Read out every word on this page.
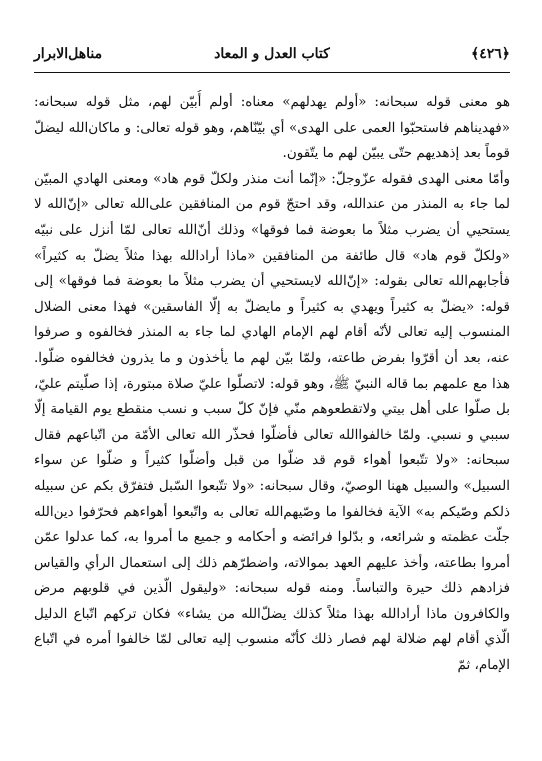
﴿٤٢٦﴾
كتاب العدل و المعاد
مناهل‌الابرار

هو معنى قوله سبحانه: «أولم يهدلهم» معناه: أولم أُبيّن لهم، مثل قوله سبحانه: «فهديناهم فاستحبّوا العمى على الهدى» أي بيّنّاهم، وهو قوله تعالى: و ماكان‌الله ليضلّ قوماً بعد إذهديهم حتّى يبيّن لهم ما يتّقون.

وأمّا معنى الهدى فقوله عزّوجلّ: «إنّما أنت منذر ولكلّ قوم هاد» ومعنى الهادي المبيّن لما جاء به المنذر من عندالله، وقد احتجّ قوم من المنافقين على‌الله تعالى «إنّ‌الله لا يستحيي أن يضرب مثلاً ما بعوضة فما فوقها» وذلك أنّ‌الله تعالى لمّا أنزل على نبيّه «ولكلّ قوم هاد» قال طائفة من المنافقين «ماذا أرادالله بهذا مثلاً يضلّ به كثيراً» فأجابهم‌الله تعالى بقوله: «إنّ‌الله لايستحيي أن يضرب مثلاً ما بعوضة فما فوقها» إلى قوله: «يضلّ به كثيراً ويهدي به كثيراً و مايضلّ به إلّا الفاسقين» فهذا معنى الضلال المنسوب إليه تعالى لأنّه أقام لهم الإمام الهادي لما جاء به المنذر فخالفوه و صرفوا عنه، بعد أن أقرّوا بفرض طاعته، ولمّا بيّن لهم ما يأخذون و ما يذرون فخالفوه ضلّوا. هذا مع علمهم بما قاله النبيّ ﷺ، وهو قوله: لاتصلّوا عليّ صلاة مبتورة، إذا صلّيتم عليّ، بل صلّوا على أهل بيتي ولاتقطعوهم منّي فإنّ كلّ سبب و نسب منقطع يوم القيامة إلّا سببي و نسبي. ولمّا خالفواالله تعالى فأضلّوا فحذّر الله تعالى الأمّة من اتّباعهم فقال سبحانه: «ولا تتّبعوا أهواء قوم قد ضلّوا من قبل وأضلّوا كثيراً و ضلّوا عن سواء السبيل» والسبيل ههنا الوصيّ، وقال سبحانه: «ولا تتّبعوا السّبل فتفرّق بكم عن سبيله ذلكم وصّيكم به» الآية فخالفوا ما وصّيهم‌الله تعالى به واتّبعوا أهواءهم فحرّفوا دين‌الله جلّت عظمته و شرائعه، و بدّلوا فرائضه و أحكامه و جميع ما أمروا به، كما عدلوا عمّن أمروا بطاعته، وأخذ عليهم العهد بموالاته، واضطرّهم ذلك إلى استعمال الرأي والقياس فزادهم ذلك حيرة والتباساً. ومنه قوله سبحانه: «وليقول الّذين في قلوبهم مرض والكافرون ماذا أرادالله بهذا مثلاً كذلك يضلّ‌الله من يشاء» فكان تركهم اتّباع الدليل الّذي أقام لهم ضلالة لهم فصار ذلك كأنّه منسوب إليه تعالى لمّا خالفوا أمره في اتّباع الإمام، ثمّ
